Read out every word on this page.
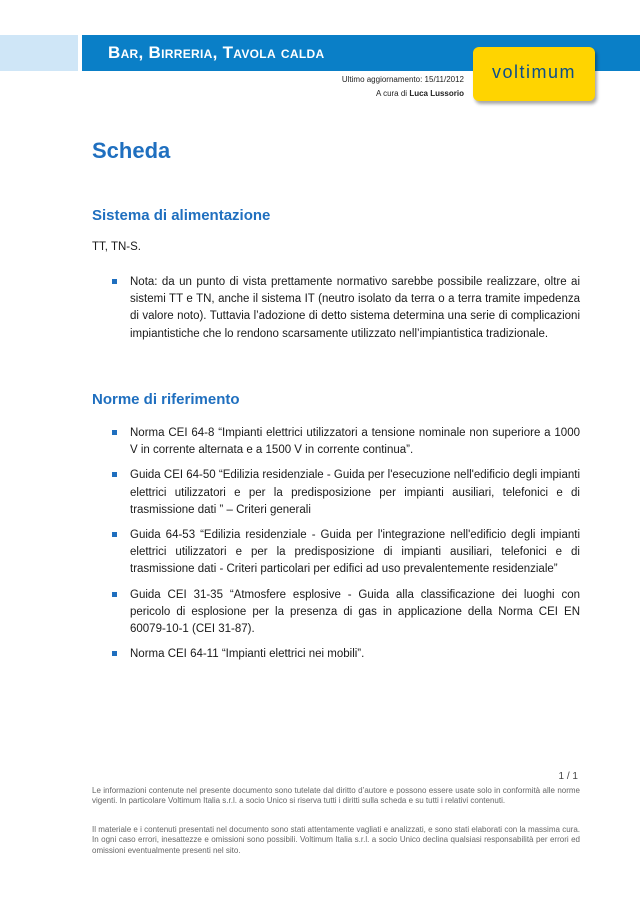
Bar, Birreria, Tavola calda
Ultimo aggiornamento: 15/11/2012
A cura di Luca Lussorio
voltimum
Scheda
Sistema di alimentazione
TT, TN-S.
Nota: da un punto di vista prettamente normativo sarebbe possibile realizzare, oltre ai sistemi TT e TN, anche il sistema IT (neutro isolato da terra o a terra tramite impedenza di valore noto). Tuttavia l’adozione di detto sistema determina una serie di complicazioni impiantistiche che lo rendono scarsamente utilizzato nell’impiantistica tradizionale.
Norme di riferimento
Norma CEI 64-8 “Impianti elettrici utilizzatori a tensione nominale non superiore a 1000 V in corrente alternata e a 1500 V in corrente continua”.
Guida CEI 64-50 “Edilizia residenziale - Guida per l'esecuzione nell'edificio degli impianti elettrici utilizzatori e per la predisposizione per impianti ausiliari, telefonici e di trasmissione dati ” – Criteri generali
Guida 64-53 “Edilizia residenziale - Guida per l'integrazione nell'edificio degli impianti elettrici utilizzatori e per la predisposizione di impianti ausiliari, telefonici e di trasmissione dati - Criteri particolari per edifici ad uso prevalentemente residenziale”
Guida CEI 31-35 “Atmosfere esplosive - Guida alla classificazione dei luoghi con pericolo di esplosione per la presenza di gas in applicazione della Norma CEI EN 60079-10-1 (CEI 31-87).
Norma CEI 64-11 “Impianti elettrici nei mobili”.
1 / 1
Le informazioni contenute nel presente documento sono tutelate dal diritto d’autore e possono essere usate solo in conformità alle norme vigenti. In particolare Voltimum Italia s.r.l. a socio Unico si riserva tutti i diritti sulla scheda e su tutti i relativi contenuti.
Il materiale e i contenuti presentati nel documento sono stati attentamente vagliati e analizzati, e sono stati elaborati con la massima cura. In ogni caso errori, inesattezze e omissioni sono possibili. Voltimum Italia s.r.l. a socio Unico declina qualsiasi responsabilità per errori ed omissioni eventualmente presenti nel sito.
